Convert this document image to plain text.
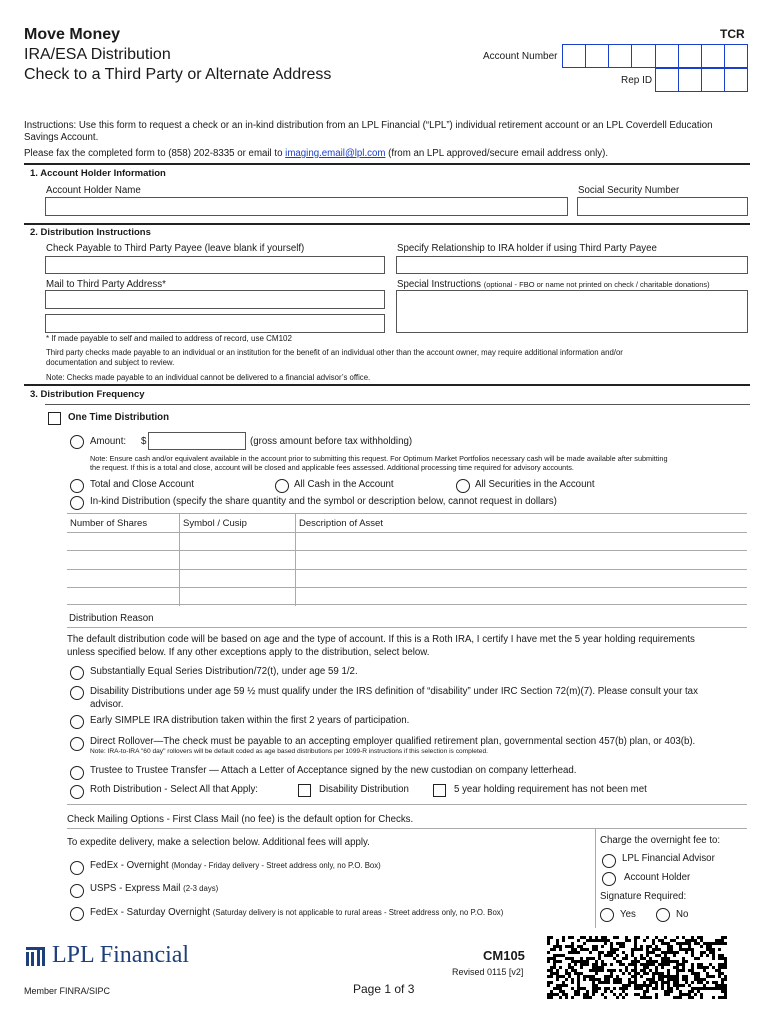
Move Money
IRA/ESA Distribution
Check to a Third Party or Alternate Address
TCR
Account Number
Rep ID
Instructions: Use this form to request a check or an in-kind distribution from an LPL Financial (“LPL”) individual retirement account or an LPL Coverdell Education
Savings Account.
Please fax the completed form to (858) 202-8335 or email to imaging.email@lpl.com (from an LPL approved/secure email address only).
1. Account Holder Information
Account Holder Name	Social Security Number
2. Distribution Instructions
Check Payable to Third Party Payee (leave blank if yourself)	Specify Relationship to IRA holder if using Third Party Payee
Mail to Third Party Address*	Special Instructions (optional - FBO or name not printed on check / charitable donations)
* If made payable to self and mailed to address of record, use CM102
Third party checks made payable to an individual or an institution for the benefit of an individual other than the account owner, may require additional information and/or
documentation and subject to review.
Note: Checks made payable to an individual cannot be delivered to a financial advisor’s office.
3. Distribution Frequency
One Time Distribution
Amount: $	(gross amount before tax withholding)
Note: Ensure cash and/or equivalent available in the account prior to submitting this request. For Optimum Market Portfolios necessary cash will be made available after submitting
the request. If this is a total and close, account will be closed and applicable fees assessed. Additional processing time required for advisory accounts.
Total and Close Account	All Cash in the Account	All Securities in the Account
In-kind Distribution (specify the share quantity and the symbol or description below, cannot request in dollars)
Number of Shares	Symbol / Cusip	Description of Asset
Distribution Reason
The default distribution code will be based on age and the type of account. If this is a Roth IRA, I certify I have met the 5 year holding requirements
unless specified below. If any other exceptions apply to the distribution, select below.
Substantially Equal Series Distribution/72(t), under age 59 1/2.
Disability Distributions under age 59 ½ must qualify under the IRS definition of “disability” under IRC Section 72(m)(7). Please consult your tax
advisor.
Early SIMPLE IRA distribution taken within the first 2 years of participation.
Direct Rollover—The check must be payable to an accepting employer qualified retirement plan, governmental section 457(b) plan, or 403(b).
Note: IRA-to-IRA "60 day" rollovers will be default coded as age based distributions per 1099-R instructions if this selection is completed.
Trustee to Trustee Transfer — Attach a Letter of Acceptance signed by the new custodian on company letterhead.
Roth Distribution - Select All that Apply:	Disability Distribution	5 year holding requirement has not been met
Check Mailing Options - First Class Mail (no fee) is the default option for Checks.
To expedite delivery, make a selection below. Additional fees will apply.
FedEx - Overnight (Monday - Friday delivery - Street address only, no P.O. Box)
USPS - Express Mail (2-3 days)
FedEx - Saturday Overnight (Saturday delivery is not applicable to rural areas - Street address only, no P.O. Box)
Charge the overnight fee to:
LPL Financial Advisor
Account Holder
Signature Required:
Yes	No
LPL Financial
Member FINRA/SIPC	Page 1 of 3
CM105
Revised 0115 [v2]
